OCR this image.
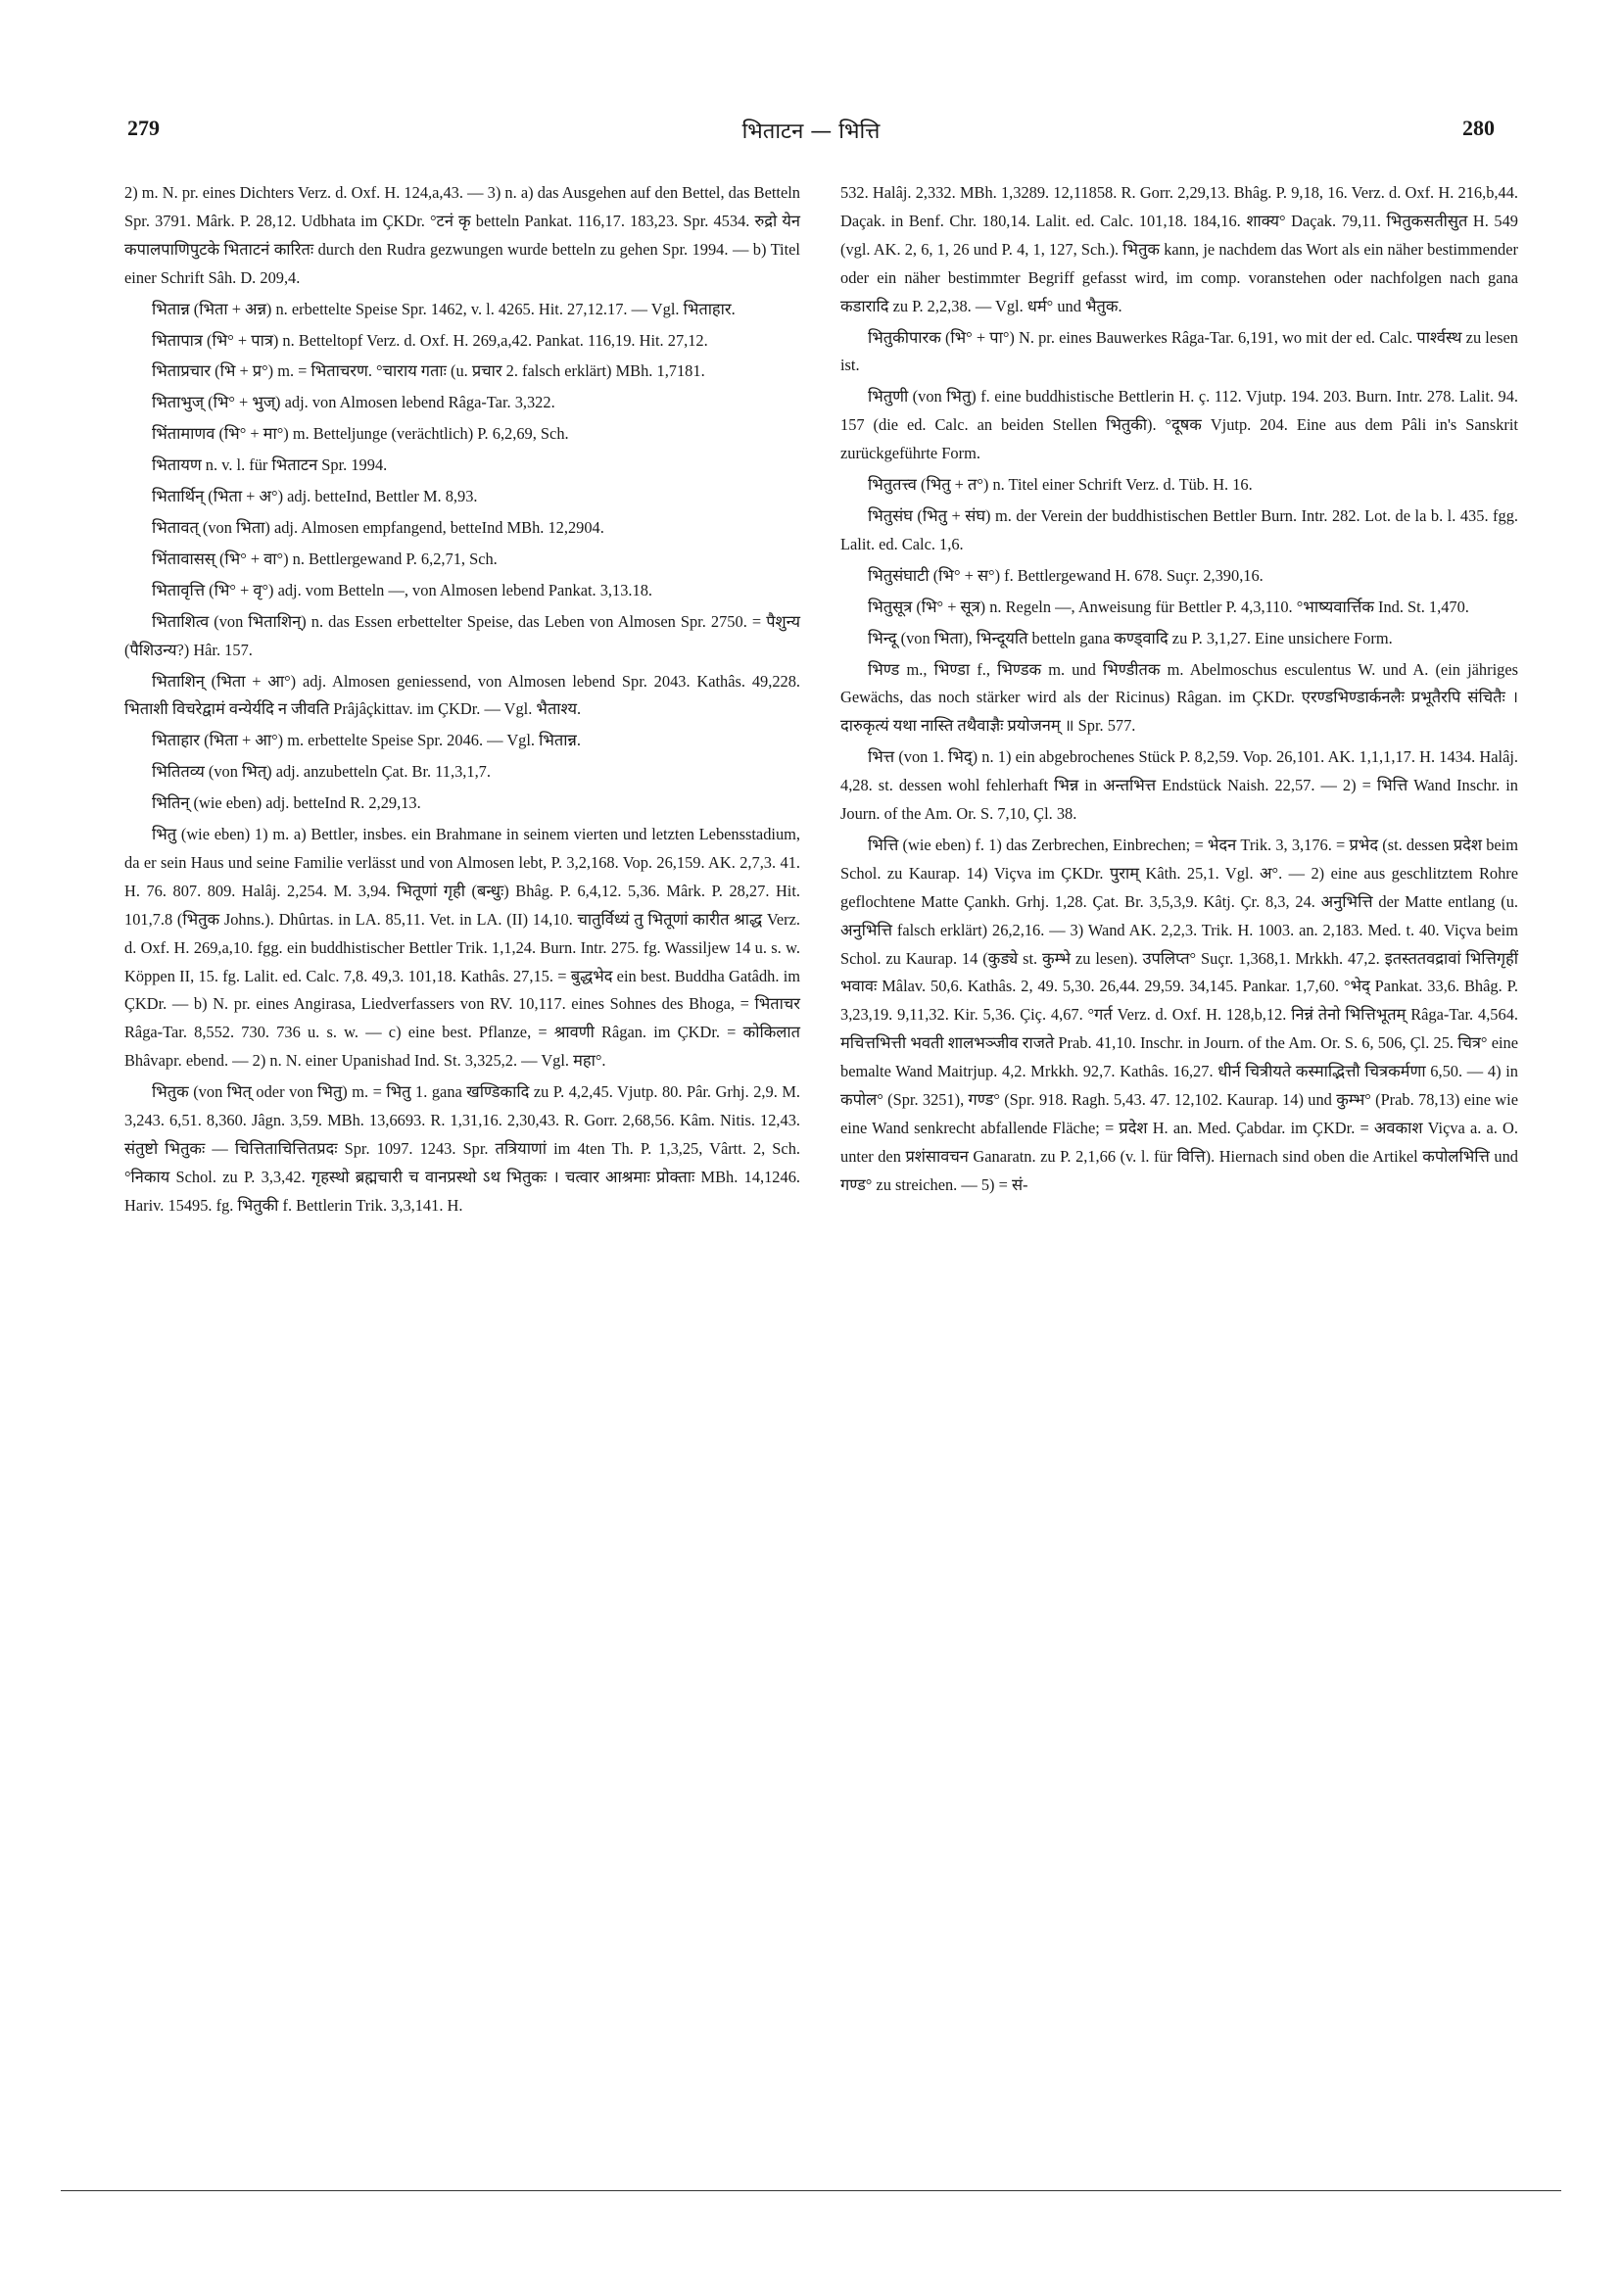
279	भिताटन — भित्ति	280

2) m. N. pr. eines Dichters Verz. d. Oxf. H. 124,a,43. — 3) n. a) das Ausgehen auf den Bettel, das Betteln Spr. 3791. Mârk. P. 28,12. Udbhata im ÇKDr. °टनं कृ betteln Pankat. 116,17. 183,23. Spr. 4534. रुद्रो येन कपालपाणिपुटके भिताटनं कारितः durch den Rudra gezwungen wurde betteln zu gehen Spr. 1994. — b) Titel einer Schrift Sâh. D. 209,4.

भितान्न (भिता + अन्न) n. erbettelte Speise Spr. 1462, v. l. 4265. Hit. 27,12.17. — Vgl. भिताहार.

भितापात्र (भि° + पात्र) n. Betteltopf Verz. d. Oxf. H. 269,a,42. Pankat. 116,19. Hit. 27,12.

भिताप्रचार (भि + प्र°) m. = भिताचरण. °चाराय गताः (u. प्रचार 2. falsch erklärt) MBh. 1,7181.

भिताभुज् (भि° + भुज्) adj. von Almosen lebend Râga-Tar. 3,322.

भिंतामाणव (भि° + मा°) m. Betteljunge (verächtlich) P. 6,2,69, Sch.

भितायण n. v. l. für भिताटन Spr. 1994.

भितार्थिन् (भिता + अ°) adj. betteInd, Bettler M. 8,93.

भितावत् (von भिता) adj. Almosen empfangend, betteInd MBh. 12,2904.

भिंतावासस् (भि° + वा°) n. Bettlergewand P. 6,2,71, Sch.

भितावृत्ति (भि° + वृ°) adj. vom Betteln —, von Almosen lebend Pankat. 3,13.18.

भिताशित्व (von भिताशिन्) n. das Essen erbettelter Speise, das Leben von Almosen Spr. 2750. = पैशुन्य (पैशिउन्य?) Hâr. 157.

भिताशिन् (भिता + आ°) adj. Almosen geniessend, von Almosen lebend Spr. 2043. Kathâs. 49,228. भिताशी विचरेद्वामं वन्येर्यदि न जीवति Prâjâçkittav. im ÇKDr. — Vgl. भैताश्य.

भिताहार (भिता + आ°) m. erbettelte Speise Spr. 2046. — Vgl. भितान्न.

भितितव्य (von भित्) adj. anzubetteln Çat. Br. 11,3,1,7.

भितिन् (wie eben) adj. betteInd R. 2,29,13.

भितु (wie eben) 1) m. a) Bettler, insbes. ein Brahmane in seinem vierten und letzten Lebensstadium, da er sein Haus und seine Familie verlässt und von Almosen lebt, P. 3,2,168. Vop. 26,159. AK. 2,7,3. 41. H. 76. 807. 809. Halâj. 2,254. M. 3,94. भितूणां गृही (बन्धुः) Bhâg. P. 6,4,12. 5,36. Mârk. P. 28,27. Hit. 101,7.8 (भितुक Johns.). Dhûrtas. in LA. 85,11. Vet. in LA. (II) 14,10. चातुर्विध्यं तु भितूणां कारीत श्राद्ध Verz. d. Oxf. H. 269,a,10. fgg. ein buddhistischer Bettler Trik. 1,1,24. Burn. Intr. 275. fg. Wassiljew 14 u. s. w. Köppen II, 15. fg. Lalit. ed. Calc. 7,8. 49,3. 101,18. Kathâs. 27,15. = बुद्धभेद ein best. Buddha Gatâdh. im ÇKDr. — b) N. pr. eines Angirasa, Liedverfassers von RV. 10,117. eines Sohnes des Bhoga, = भिताचर Râga-Tar. 8,552. 730. 736 u. s. w. — c) eine best. Pflanze, = श्रावणी Râgan. im ÇKDr. = कोकिलात Bhâvapr. ebend. — 2) n. N. einer Upanishad Ind. St. 3,325,2. — Vgl. महा°.

भितुक (von भित् oder von भितु) m. = भितु 1. gana खण्डिकादि zu P. 4,2,45. Vjutp. 80. Pâr. Grhj. 2,9. M. 3,243. 6,51. 8,360. Jâgn. 3,59. MBh. 13,6693. R. 1,31,16. 2,30,43. R. Gorr. 2,68,56. Kâm. Nitis. 12,43. संतुष्टो भितुकः — चित्तिताचित्तितप्रदः Spr. 1097. 1243. Spr. तत्रियाणां im 4ten Th. P. 1,3,25, Vârtt. 2, Sch. °निकाय Schol. zu P. 3,3,42. गृहस्थो ब्रह्मचारी च वानप्रस्थो ऽथ भितुकः । चत्वार आश्रमाः प्रोक्ताः MBh. 14,1246. Hariv. 15495. fg. भितुकी f. Bettlerin Trik. 3,3,141. H.

532. Halâj. 2,332. MBh. 1,3289. 12,11858. R. Gorr. 2,29,13. Bhâg. P. 9,18, 16. Verz. d. Oxf. H. 216,b,44. Daçak. in Benf. Chr. 180,14. Lalit. ed. Calc. 101,18. 184,16. शाक्य° Daçak. 79,11. भितुकसतीसुत H. 549 (vgl. AK. 2, 6, 1, 26 und P. 4, 1, 127, Sch.). भितुक kann, je nachdem das Wort als ein näher bestimmender oder ein näher bestimmter Begriff gefasst wird, im comp. voranstehen oder nachfolgen nach gana कडारादि zu P. 2,2,38. — Vgl. धर्म° und भैतुक.

भितुकीपारक (भि° + पा°) N. pr. eines Bauwerkes Râga-Tar. 6,191, wo mit der ed. Calc. पार्श्वस्थ zu lesen ist.

भितुणी (von भितु) f. eine buddhistische Bettlerin H. ç. 112. Vjutp. 194. 203. Burn. Intr. 278. Lalit. 94. 157 (die ed. Calc. an beiden Stellen भितुकी). °दूषक Vjutp. 204. Eine aus dem Pâli in's Sanskrit zurückgeführte Form.

भितुतत्त्व (भितु + त°) n. Titel einer Schrift Verz. d. Tüb. H. 16.

भितुसंघ (भितु + संघ) m. der Verein der buddhistischen Bettler Burn. Intr. 282. Lot. de la b. l. 435. fgg. Lalit. ed. Calc. 1,6.

भितुसंघाटी (भि° + स°) f. Bettlergewand H. 678. Suçr. 2,390,16.

भितुसूत्र (भि° + सूत्र) n. Regeln —, Anweisung für Bettler P. 4,3,110. °भाष्यवार्त्तिक Ind. St. 1,470.

भिन्दू (von भिता), भिन्दूयति betteln gana कण्ड्वादि zu P. 3,1,27. Eine unsichere Form.

भिण्ड m., भिण्डा f., भिण्डक m. und भिण्डीतक m. Abelmoschus esculentus W. und A. (ein jähriges Gewächs, das noch stärker wird als der Ricinus) Râgan. im ÇKDr. एरण्डभिण्डार्कनलैः प्रभूतैरपि संचितैः । दारुकृत्यं यथा नास्ति तथैवाज्ञैः प्रयोजनम् ॥ Spr. 577.

भित्त (von 1. भिद्) n. 1) ein abgebrochenes Stück P. 8,2,59. Vop. 26,101. AK. 1,1,1,17. H. 1434. Halâj. 4,28. st. dessen wohl fehlerhaft भिन्न in अन्तभित्त Endstück Naish. 22,57. — 2) = भित्ति Wand Inschr. in Journ. of the Am. Or. S. 7,10, Çl. 38.

भित्ति (wie eben) f. 1) das Zerbrechen, Einbrechen; = भेदन Trik. 3, 3,176. = प्रभेद (st. dessen प्रदेश beim Schol. zu Kaurap. 14) Viçva im ÇKDr. पुराम् Kâth. 25,1. Vgl. अ°. — 2) eine aus geschlitztem Rohre geflochtene Matte Çankh. Grhj. 1,28. Çat. Br. 3,5,3,9. Kâtj. Çr. 8,3, 24. अनुभित्ति der Matte entlang (u. अनुभित्ति falsch erklärt) 26,2,16. — 3) Wand AK. 2,2,3. Trik. H. 1003. an. 2,183. Med. t. 40. Viçva beim Schol. zu Kaurap. 14 (कुड्ये st. कुम्भे zu lesen). उपलिप्त° Suçr. 1,368,1. Mrkkh. 47,2. इतस्ततवद्रावां भित्तिगृहीं भवावः Mâlav. 50,6. Kathâs. 2, 49. 5,30. 26,44. 29,59. 34,145. Pankar. 1,7,60. °भेद् Pankat. 33,6. Bhâg. P. 3,23,19. 9,11,32. Kir. 5,36. Çiç. 4,67. °गर्त Verz. d. Oxf. H. 128,b,12. निन्नं तेनो भित्तिभूतम् Râga-Tar. 4,564. मचित्तभित्ती भवती शालभञ्जीव राजते Prab. 41,10. Inschr. in Journ. of the Am. Or. S. 6, 506, Çl. 25. चित्र° eine bemalte Wand Maitrjup. 4,2. Mrkkh. 92,7. Kathâs. 16,27. धीर्न चित्रीयते कस्माद्भित्तौ चित्रकर्मणा 6,50. — 4) in कपोल° (Spr. 3251), गण्ड° (Spr. 918. Ragh. 5,43. 47. 12,102. Kaurap. 14) und कुम्भ° (Prab. 78,13) eine wie eine Wand senkrecht abfallende Fläche; = प्रदेश H. an. Med. Çabdar. im ÇKDr. = अवकाश Viçva a. a. O. unter den प्रशंसावचन Ganaratn. zu P. 2,1,66 (v. l. für वित्ति). Hiernach sind oben die Artikel कपोलभित्ति und गण्ड° zu streichen. — 5) = सं-
